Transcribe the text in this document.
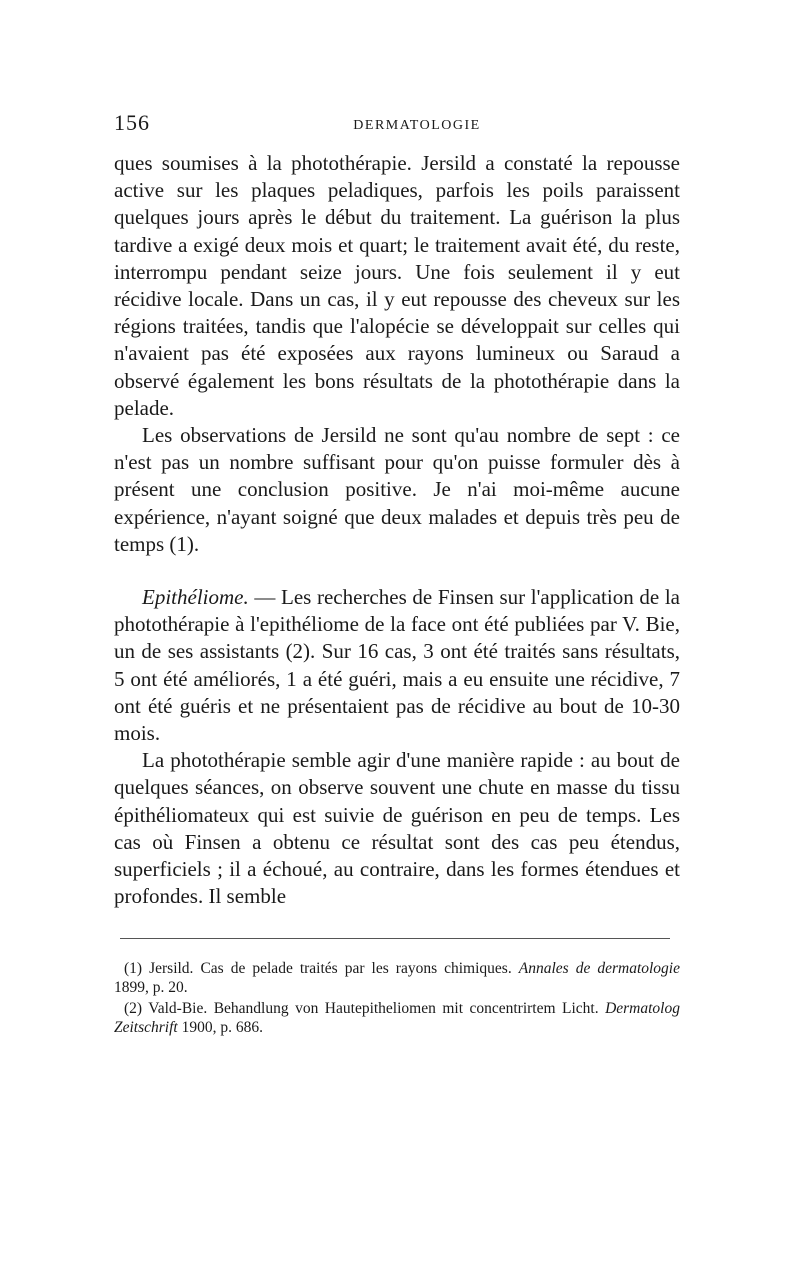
156	DERMATOLOGIE

ques soumises à la photothérapie. Jersild a constaté la repousse active sur les plaques peladiques, parfois les poils paraissent quelques jours après le début du traitement. La guérison la plus tardive a exigé deux mois et quart; le traitement avait été, du reste, interrompu pendant seize jours. Une fois seulement il y eut récidive locale. Dans un cas, il y eut repousse des cheveux sur les régions traitées, tandis que l'alopécie se développait sur celles qui n'avaient pas été exposées aux rayons lumineux ou Saraud a observé également les bons résultats de la photothérapie dans la pelade.

Les observations de Jersild ne sont qu'au nombre de sept : ce n'est pas un nombre suffisant pour qu'on puisse formuler dès à présent une conclusion positive. Je n'ai moi-même aucune expérience, n'ayant soigné que deux malades et depuis très peu de temps (1).

Epithéliome. — Les recherches de Finsen sur l'application de la photothérapie à l'epithéliome de la face ont été publiées par V. Bie, un de ses assistants (2). Sur 16 cas, 3 ont été traités sans résultats, 5 ont été améliorés, 1 a été guéri, mais a eu ensuite une récidive, 7 ont été guéris et ne présentaient pas de récidive au bout de 10-30 mois.

La photothérapie semble agir d'une manière rapide : au bout de quelques séances, on observe souvent une chute en masse du tissu épithéliomateux qui est suivie de guérison en peu de temps. Les cas où Finsen a obtenu ce résultat sont des cas peu étendus, superficiels ; il a échoué, au contraire, dans les formes étendues et profondes. Il semble

(1) Jersild. Cas de pelade traités par les rayons chimiques. Annales de dermatologie 1899, p. 20.

(2) Vald-Bie. Behandlung von Hautepitheliomen mit concentrirtem Licht. Dermatolog Zeitschrift 1900, p. 686.
